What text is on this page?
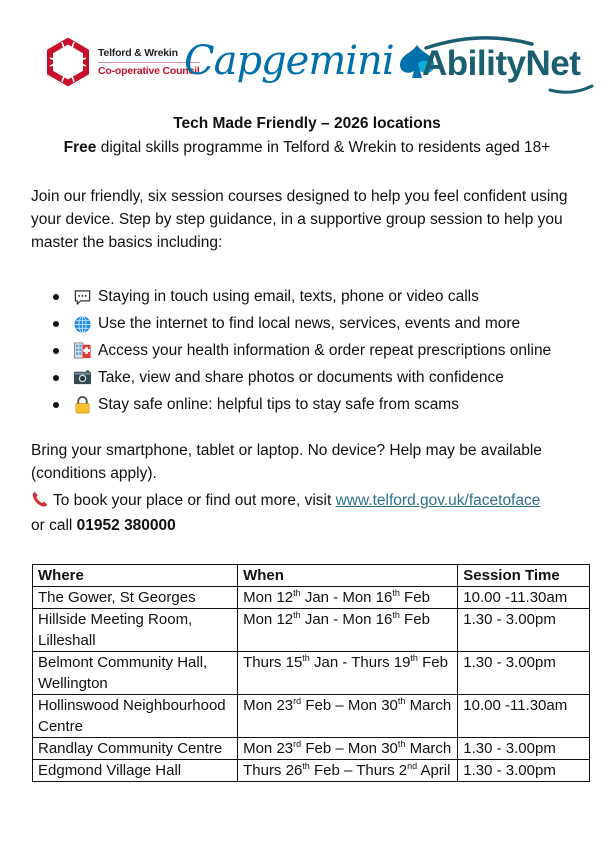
Telford & Wrekin
Co-operative Council
Capgemini AbilityNet
Tech Made Friendly – 2026 locations
Free digital skills programme in Telford & Wrekin to residents aged 18+
Join our friendly, six session courses designed to help you feel confident using your device. Step by step guidance, in a supportive group session to help you master the basics including:
Staying in touch using email, texts, phone or video calls
Use the internet to find local news, services, events and more
Access your health information & order repeat prescriptions online
Take, view and share photos or documents with confidence
Stay safe online: helpful tips to stay safe from scams
Bring your smartphone, tablet or laptop. No device? Help may be available (conditions apply).
To book your place or find out more, visit www.telford.gov.uk/facetoface
or call 01952 380000
Where	When	Session Time
The Gower, St Georges	Mon 12th Jan - Mon 16th Feb	10.00 -11.30am
Hillside Meeting Room, Lilleshall	Mon 12th Jan - Mon 16th Feb	1.30 - 3.00pm
Belmont Community Hall, Wellington	Thurs 15th Jan - Thurs 19th Feb	1.30 - 3.00pm
Hollinswood Neighbourhood Centre	Mon 23rd Feb – Mon 30th March	10.00 -11.30am
Randlay Community Centre	Mon 23rd Feb – Mon 30th March	1.30 - 3.00pm
Edgmond Village Hall	Thurs 26th Feb – Thurs 2nd April	1.30 - 3.00pm
